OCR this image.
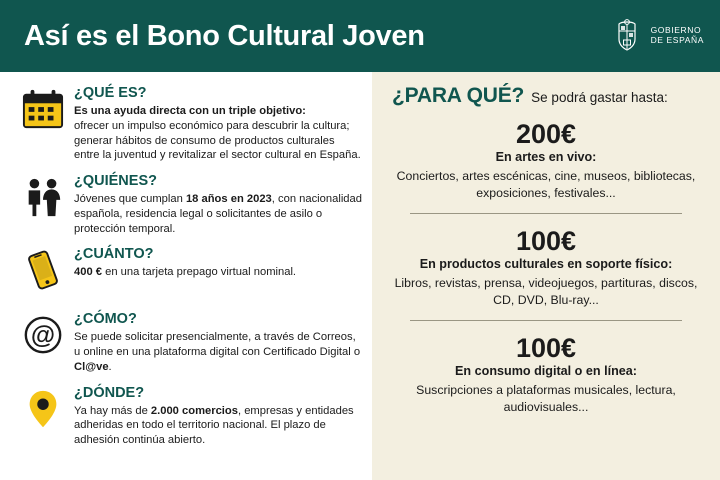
Así es el Bono Cultural Joven	GOBIERNO
DE ESPAÑA

¿QUÉ ES?

Es una ayuda directa con un triple objetivo:
ofrecer un impulso económico para descubrir la cultura; generar hábitos de consumo de productos culturales entre la juventud y revitalizar el sector cultural en España.

¿QUIÉNES?

Jóvenes que cumplan 18 años en 2023, con nacionalidad española, residencia legal o solicitantes de asilo o protección temporal.

¿CUÁNTO?

400 € en una tarjeta prepago virtual nominal.

@

¿CÓMO?

Se puede solicitar presencialmente, a través de Correos, u online en una plataforma digital con Certificado Digital o Cl@ve.

¿DÓNDE?

Ya hay más de 2.000 comercios, empresas y entidades adheridas en todo el territorio nacional. El plazo de adhesión continúa abierto.

¿PARA QUÉ? Se podrá gastar hasta:
200€
En artes en vivo:
Conciertos, artes escénicas, cine, museos, bibliotecas, exposiciones, festivales...
100€
En productos culturales en soporte físico:
Libros, revistas, prensa, videojuegos, partituras, discos, CD, DVD, Blu-ray...
100€
En consumo digital o en línea:
Suscripciones a plataformas musicales, lectura, audiovisuales...
